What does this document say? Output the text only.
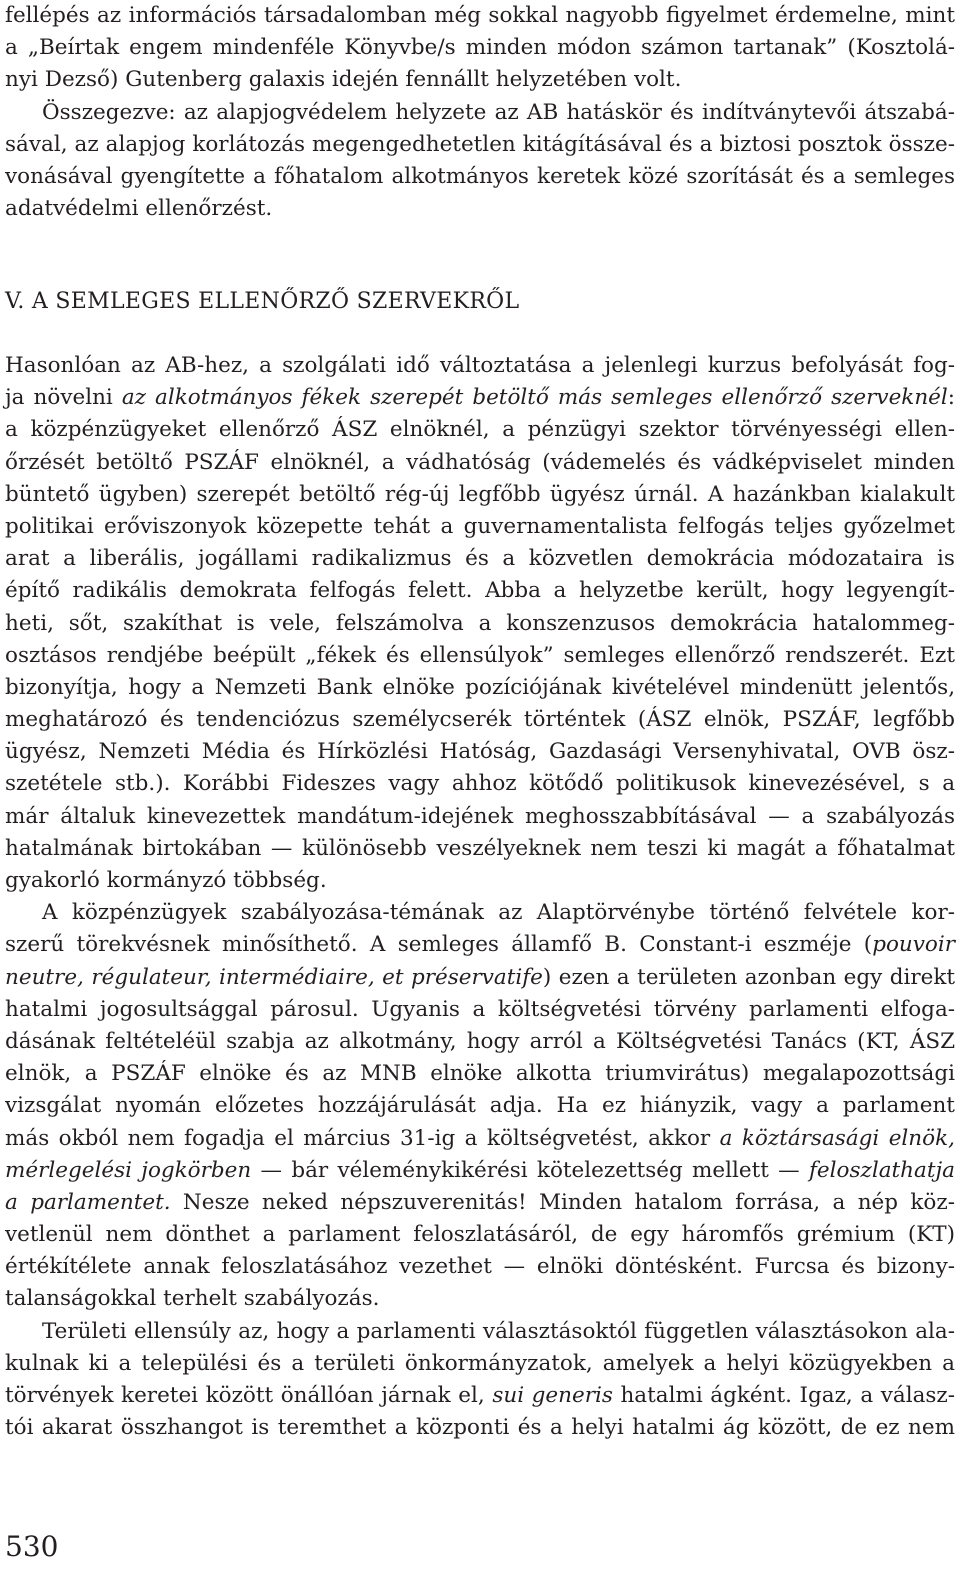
fellépés az információs társadalomban még sokkal nagyobb figyelmet érdemelne, mint
a „Beírtak engem mindenféle Könyvbe/s minden módon számon tartanak” (Kosztolá-
nyi Dezső) Gutenberg galaxis idején fennállt helyzetében volt.
Összegezve: az alapjogvédelem helyzete az AB hatáskör és indítványtevői átszabá-
sával, az alapjog korlátozás megengedhetetlen kitágításával és a biztosi posztok össze-
vonásával gyengítette a főhatalom alkotmányos keretek közé szorítását és a semleges
adatvédelmi ellenőrzést.
V. A SEMLEGES ELLENŐRZŐ SZERVEKRŐL
Hasonlóan az AB-hez, a szolgálati idő változtatása a jelenlegi kurzus befolyását fog-
ja növelni az alkotmányos fékek szerepét betöltő más semleges ellenőrző szerveknél:
a közpénzügyeket ellenőrző ÁSZ elnöknél, a pénzügyi szektor törvényességi ellen-
őrzését betöltő PSZÁF elnöknél, a vádhatóság (vádemelés és vádképviselet minden
büntető ügyben) szerepét betöltő rég-új legfőbb ügyész úrnál. A hazánkban kialakult
politikai erőviszonyok közepette tehát a guvernamentalista felfogás teljes győzelmet
arat a liberális, jogállami radikalizmus és a közvetlen demokrácia módozataira is
építő radikális demokrata felfogás felett. Abba a helyzetbe került, hogy legyengít-
heti, sőt, szakíthat is vele, felszámolva a konszenzusos demokrácia hatalommeg-
osztásos rendjébe beépült „fékek és ellensúlyok” semleges ellenőrző rendszerét. Ezt
bizonyítja, hogy a Nemzeti Bank elnöke pozíciójának kivételével mindenütt jelentős,
meghatározó és tendenciózus személycserék történtek (ÁSZ elnök, PSZÁF, legfőbb
ügyész, Nemzeti Média és Hírközlési Hatóság, Gazdasági Versenyhivatal, OVB ösz-
szetétele stb.). Korábbi Fideszes vagy ahhoz kötődő politikusok kinevezésével, s a
már általuk kinevezettek mandátum-idejének meghosszabbításával — a szabályozás
hatalmának birtokában — különösebb veszélyeknek nem teszi ki magát a főhatalmat
gyakorló kormányzó többség.
A közpénzügyek szabályozása-témának az Alaptörvénybe történő felvétele kor-
szerű törekvésnek minősíthető. A semleges államfő B. Constant-i eszméje (pouvoir
neutre, régulateur, intermédiaire, et préservatife) ezen a területen azonban egy direkt
hatalmi jogosultsággal párosul. Ugyanis a költségvetési törvény parlamenti elfoga-
dásának feltételéül szabja az alkotmány, hogy arról a Költségvetési Tanács (KT, ÁSZ
elnök, a PSZÁF elnöke és az MNB elnöke alkotta triumvirátus) megalapozottsági
vizsgálat nyomán előzetes hozzájárulását adja. Ha ez hiányzik, vagy a parlament
más okból nem fogadja el március 31-ig a költségvetést, akkor a köztársasági elnök,
mérlegelési jogkörben — bár véleménykikérési kötelezettség mellett — feloszlathatja
a parlamentet. Nesze neked népszuverenitás! Minden hatalom forrása, a nép köz-
vetlenül nem dönthet a parlament feloszlatásáról, de egy háromfős grémium (KT)
értékítélete annak feloszlatásához vezethet — elnöki döntésként. Furcsa és bizony-
talanságokkal terhelt szabályozás.
Területi ellensúly az, hogy a parlamenti választásoktól független választásokon ala-
kulnak ki a települési és a területi önkormányzatok, amelyek a helyi közügyekben a
törvények keretei között önállóan járnak el, sui generis hatalmi ágként. Igaz, a válasz-
tói akarat összhangot is teremthet a központi és a helyi hatalmi ág között, de ez nem
530
